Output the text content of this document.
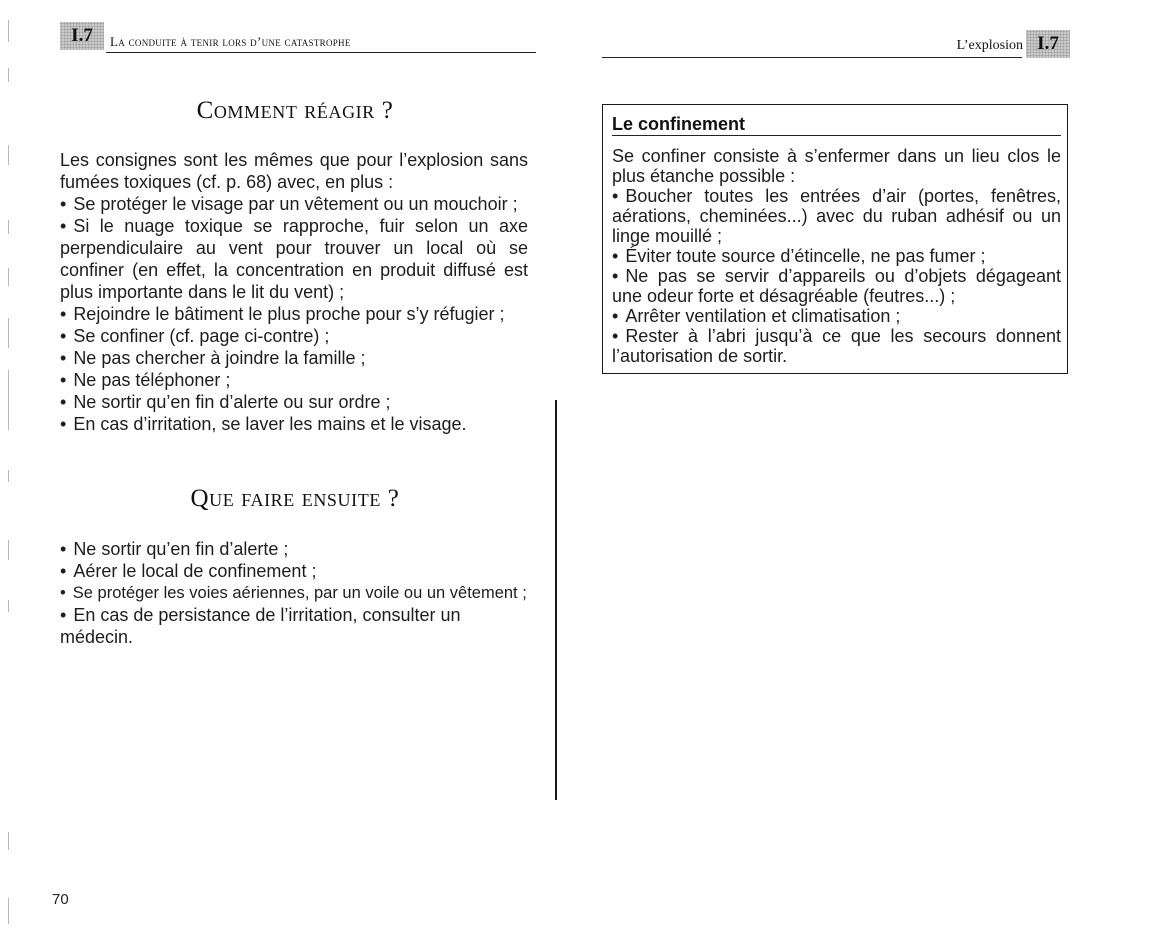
I.7	La conduite à tenir lors d’une catastrophe	L’explosion I.7
Comment réagir ?

Les consignes sont les mêmes que pour l’explosion sans fumées toxiques (cf. p. 68) avec, en plus :

• Se protéger le visage par un vêtement ou un mouchoir ;
• Si le nuage toxique se rapproche, fuir selon un axe perpendiculaire au vent pour trouver un local où se confiner (en effet, la concentration en produit diffusé est plus importante dans le lit du vent) ;
• Rejoindre le bâtiment le plus proche pour s’y réfugier ;
• Se confiner (cf. page ci-contre) ;
• Ne pas chercher à joindre la famille ;
• Ne pas téléphoner ;
• Ne sortir qu’en fin d’alerte ou sur ordre ;
• En cas d’irritation, se laver les mains et le visage.
Que faire ensuite ?
• Ne sortir qu’en fin d’alerte ;
• Aérer le local de confinement ;
• Se protéger les voies aériennes, par un voile ou un vêtement ;
• En cas de persistance de l’irritation, consulter un médecin.
70
Le confinement

Se confiner consiste à s’enfermer dans un lieu clos le plus étanche possible :

• Boucher toutes les entrées d’air (portes, fenêtres, aérations, cheminées...) avec du ruban adhésif ou un linge mouillé ;
• Éviter toute source d’étincelle, ne pas fumer ;
• Ne pas se servir d’appareils ou d’objets dégageant une odeur forte et désagréable (feutres...) ;
• Arrêter ventilation et climatisation ;
• Rester à l’abri jusqu’à ce que les secours donnent l’autorisation de sortir.
